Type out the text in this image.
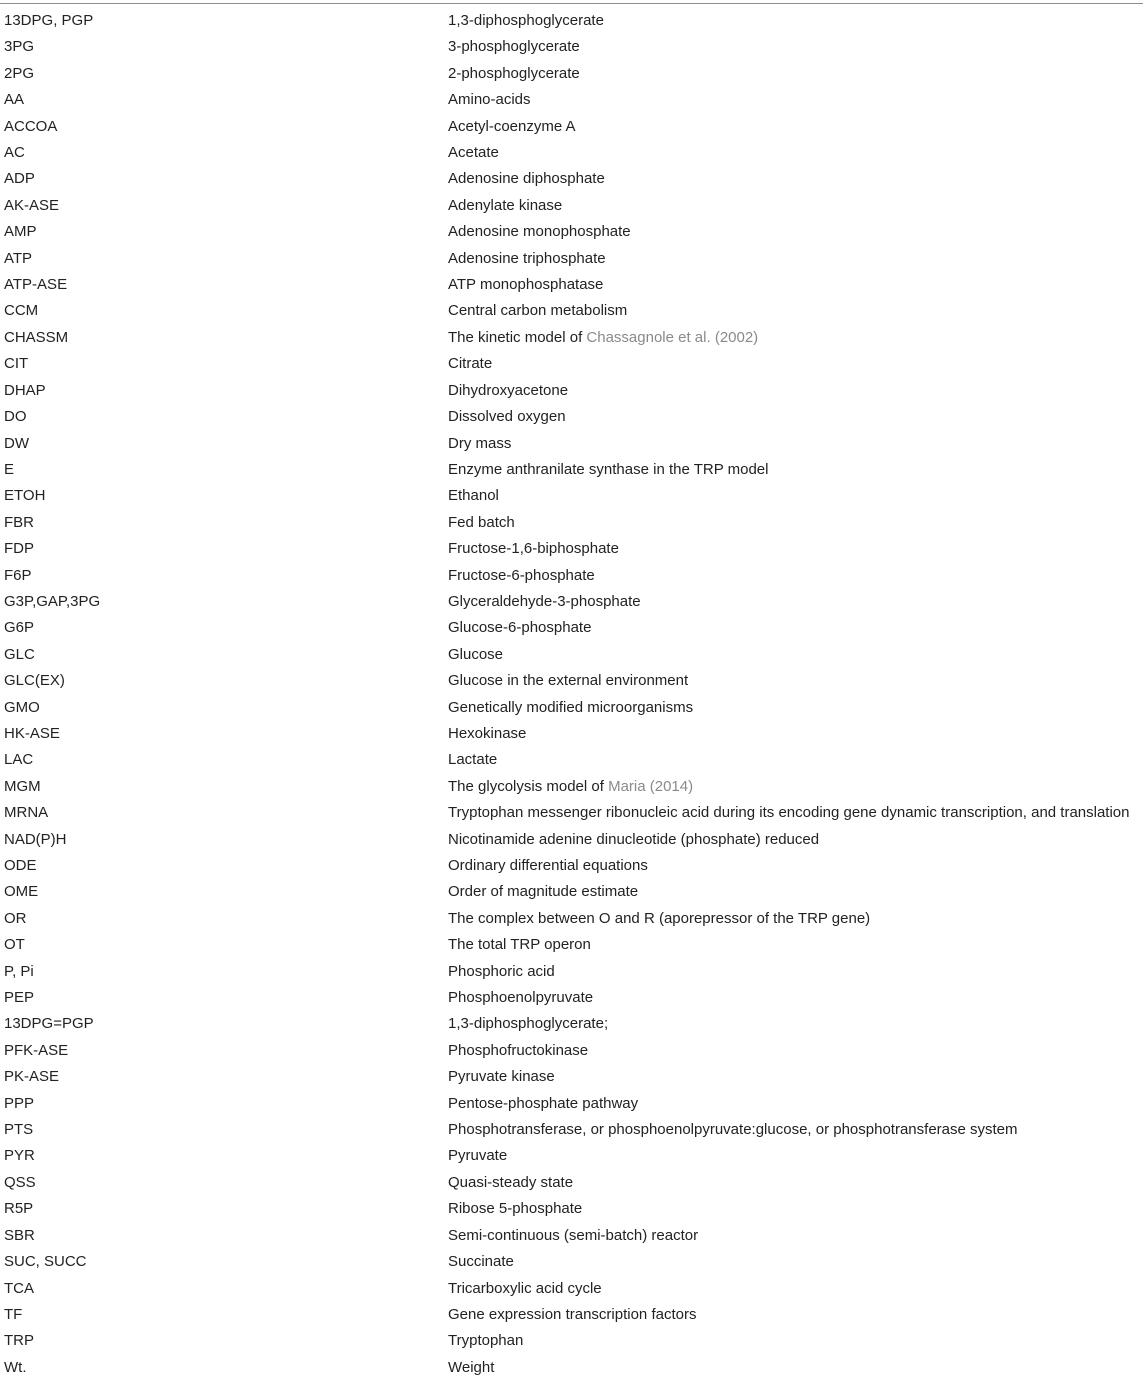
13DPG, PGP	1,3-diphosphoglycerate
3PG	3-phosphoglycerate
2PG	2-phosphoglycerate
AA	Amino-acids
ACCOA	Acetyl-coenzyme A
AC	Acetate
ADP	Adenosine diphosphate
AK-ASE	Adenylate kinase
AMP	Adenosine monophosphate
ATP	Adenosine triphosphate
ATP-ASE	ATP monophosphatase
CCM	Central carbon metabolism
CHASSM	The kinetic model of Chassagnole et al. (2002)
CIT	Citrate
DHAP	Dihydroxyacetone
DO	Dissolved oxygen
DW	Dry mass
E	Enzyme anthranilate synthase in the TRP model
ETOH	Ethanol
FBR	Fed batch
FDP	Fructose-1,6-biphosphate
F6P	Fructose-6-phosphate
G3P,GAP,3PG	Glyceraldehyde-3-phosphate
G6P	Glucose-6-phosphate
GLC	Glucose
GLC(EX)	Glucose in the external environment
GMO	Genetically modified microorganisms
HK-ASE	Hexokinase
LAC	Lactate
MGM	The glycolysis model of Maria (2014)
MRNA	Tryptophan messenger ribonucleic acid during its encoding gene dynamic transcription, and translation
NAD(P)H	Nicotinamide adenine dinucleotide (phosphate) reduced
ODE	Ordinary differential equations
OME	Order of magnitude estimate
OR	The complex between O and R (aporepressor of the TRP gene)
OT	The total TRP operon
P, Pi	Phosphoric acid
PEP	Phosphoenolpyruvate
13DPG=PGP	1,3-diphosphoglycerate;
PFK-ASE	Phosphofructokinase
PK-ASE	Pyruvate kinase
PPP	Pentose-phosphate pathway
PTS	Phosphotransferase, or phosphoenolpyruvate:glucose, or phosphotransferase system
PYR	Pyruvate
QSS	Quasi-steady state
R5P	Ribose 5-phosphate
SBR	Semi-continuous (semi-batch) reactor
SUC, SUCC	Succinate
TCA	Tricarboxylic acid cycle
TF	Gene expression transcription factors
TRP	Tryptophan
Wt.	Weight
